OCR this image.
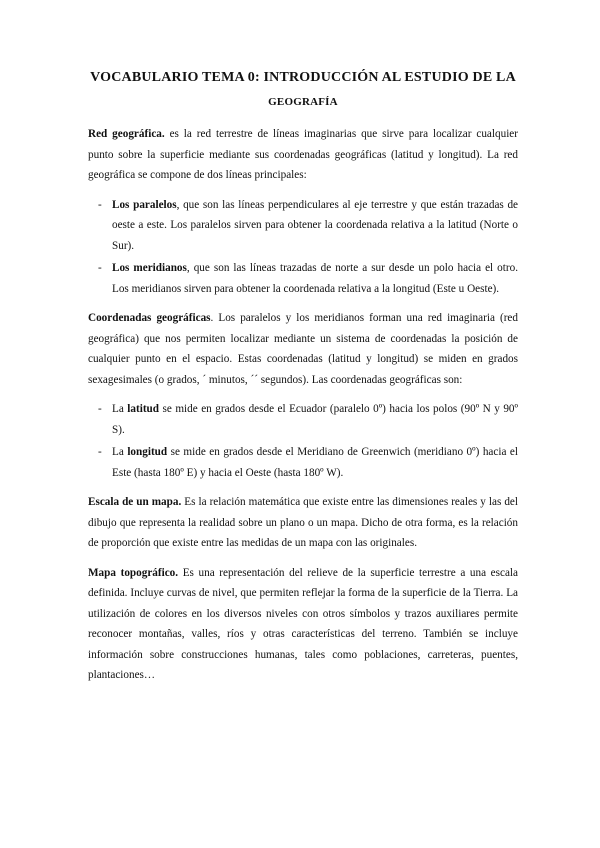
VOCABULARIO TEMA 0: INTRODUCCIÓN AL ESTUDIO DE LA
GEOGRAFÍA

Red geográfica. es la red terrestre de líneas imaginarias que sirve para localizar cualquier punto sobre la superficie mediante sus coordenadas geográficas (latitud y longitud). La red geográfica se compone de dos líneas principales:

- Los paralelos, que son las líneas perpendiculares al eje terrestre y que están trazadas de oeste a este. Los paralelos sirven para obtener la coordenada relativa a la latitud (Norte o Sur).
- Los meridianos, que son las líneas trazadas de norte a sur desde un polo hacia el otro. Los meridianos sirven para obtener la coordenada relativa a la longitud (Este u Oeste).

Coordenadas geográficas. Los paralelos y los meridianos forman una red imaginaria (red geográfica) que nos permiten localizar mediante un sistema de coordenadas la posición de cualquier punto en el espacio. Estas coordenadas (latitud y longitud) se miden en grados sexagesimales (o grados, ´ minutos, ´´ segundos). Las coordenadas geográficas son:

- La latitud se mide en grados desde el Ecuador (paralelo 0º) hacia los polos (90º N y 90º S).
- La longitud se mide en grados desde el Meridiano de Greenwich (meridiano 0º) hacia el Este (hasta 180º E) y hacia el Oeste (hasta 180º W).

Escala de un mapa. Es la relación matemática que existe entre las dimensiones reales y las del dibujo que representa la realidad sobre un plano o un mapa. Dicho de otra forma, es la relación de proporción que existe entre las medidas de un mapa con las originales.

Mapa topográfico. Es una representación del relieve de la superficie terrestre a una escala definida. Incluye curvas de nivel, que permiten reflejar la forma de la superficie de la Tierra. La utilización de colores en los diversos niveles con otros símbolos y trazos auxiliares permite reconocer montañas, valles, ríos y otras características del terreno. También se incluye información sobre construcciones humanas, tales como poblaciones, carreteras, puentes, plantaciones…
